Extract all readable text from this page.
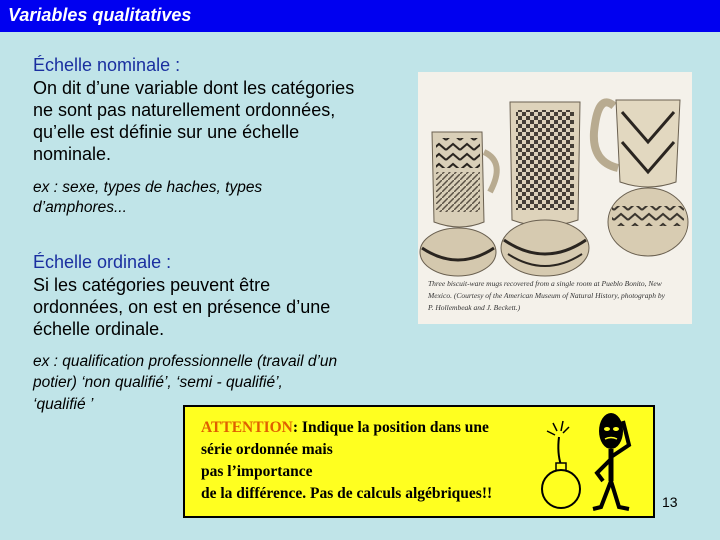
Variables qualitatives
Échelle nominale :
On dit d’une variable dont les catégories
ne sont pas naturellement ordonnées,
qu’elle est définie sur une échelle
nominale.
ex : sexe, types de haches, types
d’amphores...
Échelle ordinale :
Si les catégories peuvent être
ordonnées, on est en présence d’une
échelle ordinale.
ex : qualification professionnelle (travail d’un
potier) ‘non qualifié’, ‘semi - qualifié’,
‘qualifié ’
Three biscuit-ware mugs recovered from a single room at Pueblo Bonito, New
Mexico. (Courtesy of the American Museum of Natural History, photograph by
P. Hollembeak and J. Beckett.)
ATTENTION: Indique la position dans une
série ordonnée mais
pas l’importance
de la différence. Pas de calculs algébriques!!	13
